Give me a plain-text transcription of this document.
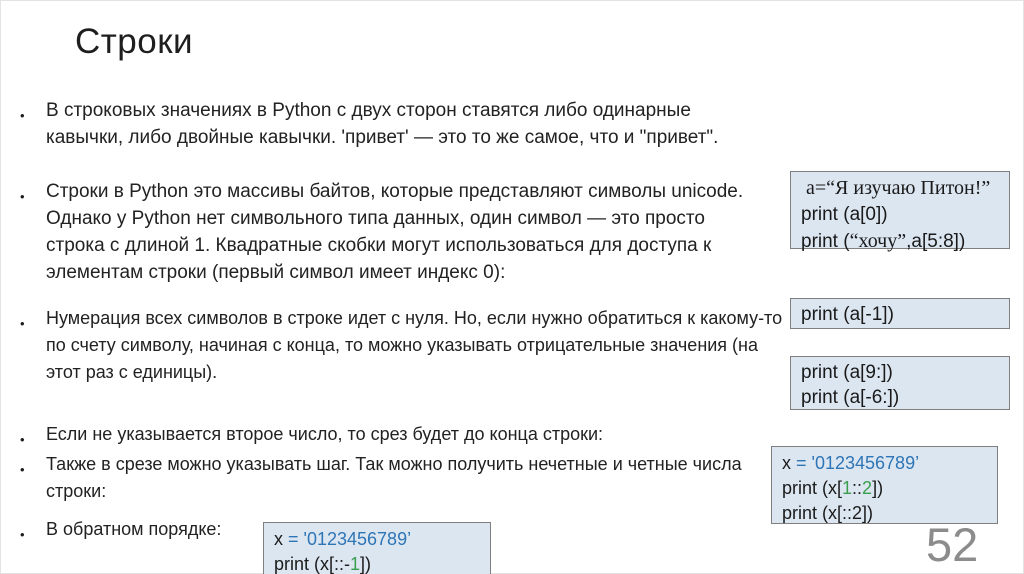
Строки
•	В строковых значениях в Python с двух сторон ставятся либо одинарные кавычки, либо двойные кавычки. 'привет' — это то же самое, что и "привет".
•	Строки в Python это массивы байтов, которые представляют символы unicode. Однако у Python нет символьного типа данных, один символ — это просто строка с длиной 1. Квадратные скобки могут использоваться для доступа к элементам строки (первый символ имеет индекс 0):
•	Нумерация всех символов в строке идет с нуля. Но, если нужно обратиться к какому-то по счету символу, начиная с конца, то можно указывать отрицательные значения (на этот раз с единицы).
•	Если не указывается второе число, то срез будет до конца строки:
•	Также в срезе можно указывать шаг. Так можно получить нечетные и четные числа строки:
•	В обратном порядке:
а=“Я изучаю Питон!”
print (a[0])
print (“хочу”,a[5:8])
print (a[-1])
print (a[9:])
print (a[-6:])
x = '0123456789’
print (x[1::2])
print (x[::2])
x = '0123456789’
print (x[::-1])	52
